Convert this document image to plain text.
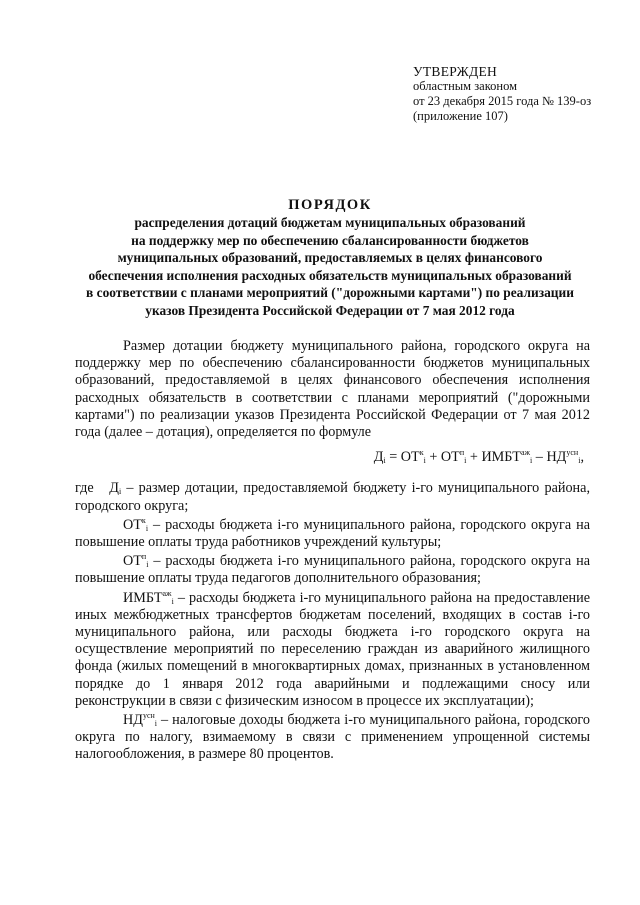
УТВЕРЖДЕН
областным законом
от 23 декабря 2015 года № 139-оз
(приложение 107)
ПОРЯДОК
распределения дотаций бюджетам муниципальных образований
на поддержку мер по обеспечению сбалансированности бюджетов
муниципальных образований, предоставляемых в целях финансового
обеспечения исполнения расходных обязательств муниципальных образований
в соответствии с планами мероприятий ("дорожными картами") по реализации
указов Президента Российской Федерации от 7 мая 2012 года

Размер дотации бюджету муниципального района, городского округа на поддержку мер по обеспечению сбалансированности бюджетов муниципальных образований, предоставляемой в целях финансового обеспечения исполнения расходных обязательств в соответствии с планами мероприятий ("дорожными картами") по реализации указов Президента Российской Федерации от 7 мая 2012 года (далее – дотация), определяется по формуле

$Д_i = ОТ^к_i + ОТ^п_i$ + $ИМБТ^{аж}_i - НД^{усн}_i$,

где $Д_i$ – размер дотации, предоставляемой бюджету i-го муниципального района, городского округа;

$ОТ^к_i$ – расходы бюджета i-го муниципального района, городского округа на повышение оплаты труда работников учреждений культуры;

$ОТ^п_i$ – расходы бюджета i-го муниципального района, городского округа на повышение оплаты труда педагогов дополнительного образования;

$ИМБТ^{аж}_i$ – расходы бюджета i-го муниципального района на предоставление иных межбюджетных трансфертов бюджетам поселений, входящих в состав i-го муниципального района, или расходы бюджета i-го городского округа на осуществление мероприятий по переселению граждан из аварийного жилищного фонда (жилых помещений в многоквартирных домах, признанных в установленном порядке до 1 января 2012 года аварийными и подлежащими сносу или реконструкции в связи с физическим износом в процессе их эксплуатации);

$НД^{усн}_i$ – налоговые доходы бюджета i-го муниципального района, городского округа по налогу, взимаемому в связи с применением упрощенной системы налогообложения, в размере 80 процентов.
